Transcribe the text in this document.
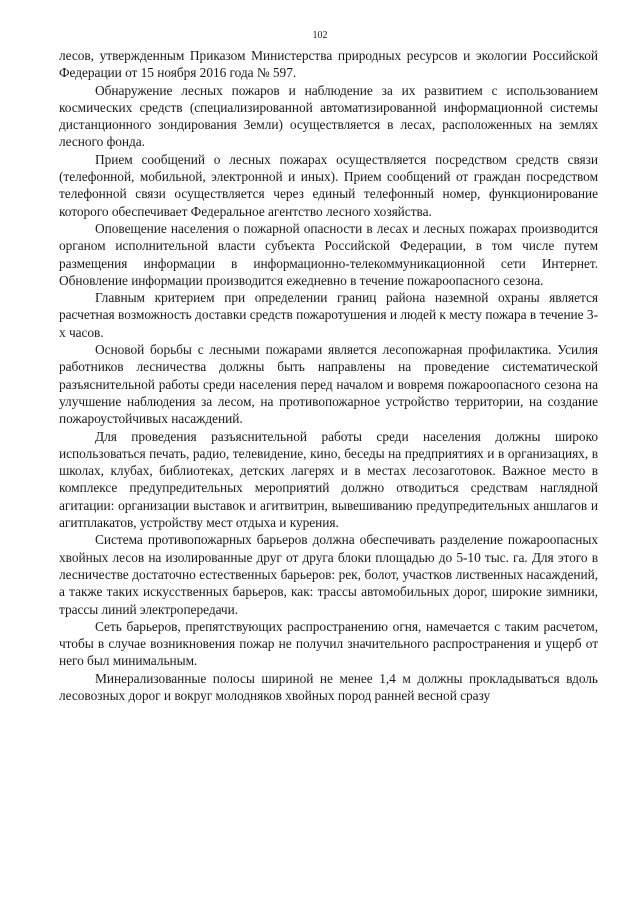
102

лесов, утвержденным Приказом Министерства природных ресурсов и экологии Российской Федерации от 15 ноября 2016 года № 597.

Обнаружение лесных пожаров и наблюдение за их развитием с использованием космических средств (специализированной автоматизированной информационной системы дистанционного зондирования Земли) осуществляется в лесах, расположенных на землях лесного фонда.

Прием сообщений о лесных пожарах осуществляется посредством средств связи (телефонной, мобильной, электронной и иных). Прием сообщений от граждан посредством телефонной связи осуществляется через единый телефонный номер, функционирование которого обеспечивает Федеральное агентство лесного хозяйства.

Оповещение населения о пожарной опасности в лесах и лесных пожарах производится органом исполнительной власти субъекта Российской Федерации, в том числе путем размещения информации в информационно-телекоммуникационной сети Интернет. Обновление информации производится ежедневно в течение пожароопасного сезона.

Главным критерием при определении границ района наземной охраны является расчетная возможность доставки средств пожаротушения и людей к месту пожара в течение 3-х часов.

Основой борьбы с лесными пожарами является лесопожарная профилактика. Усилия работников лесничества должны быть направлены на проведение систематической разъяснительной работы среди населения перед началом и вовремя пожароопасного сезона на улучшение наблюдения за лесом, на противопожарное устройство территории, на создание пожароустойчивых насаждений.

Для проведения разъяснительной работы среди населения должны широко использоваться печать, радио, телевидение, кино, беседы на предприятиях и в организациях, в школах, клубах, библиотеках, детских лагерях и в местах лесозаготовок. Важное место в комплексе предупредительных мероприятий должно отводиться средствам наглядной агитации: организации выставок и агитвитрин, вывешиванию предупредительных аншлагов и агитплакатов, устройству мест отдыха и курения.

Система противопожарных барьеров должна обеспечивать разделение пожароопасных хвойных лесов на изолированные друг от друга блоки площадью до 5-10 тыс. га. Для этого в лесничестве достаточно естественных барьеров: рек, болот, участков лиственных насаждений, а также таких искусственных барьеров, как: трассы автомобильных дорог, широкие зимники, трассы линий электропередачи.

Сеть барьеров, препятствующих распространению огня, намечается с таким расчетом, чтобы в случае возникновения пожар не получил значительного распространения и ущерб от него был минимальным.

Минерализованные полосы шириной не менее 1,4 м должны прокладываться вдоль лесовозных дорог и вокруг молодняков хвойных пород ранней весной сразу
